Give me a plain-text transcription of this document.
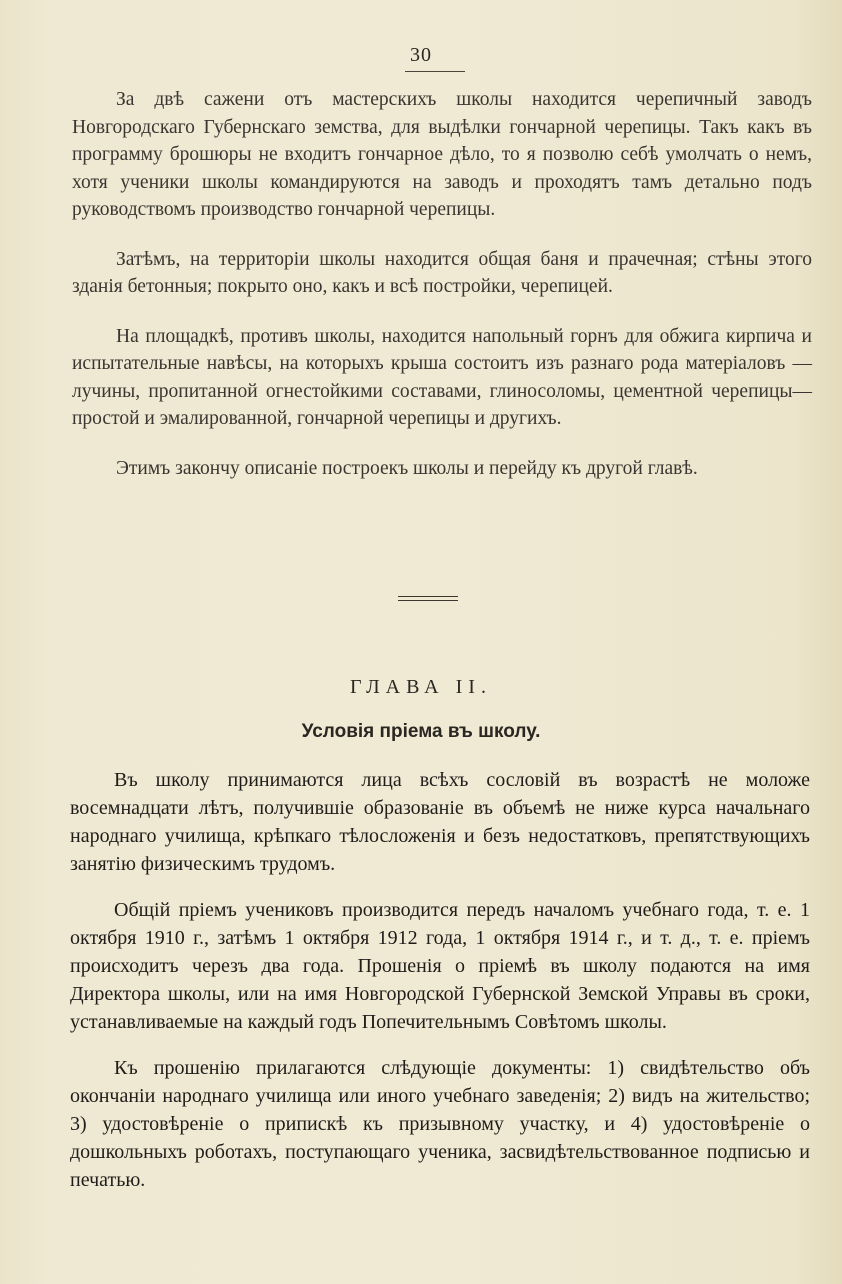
30

За двѣ сажени отъ мастерскихъ школы находится черепичный заводъ Новгородскаго Губернскаго земства, для выдѣлки гончарной черепицы. Такъ какъ въ программу брошюры не входитъ гончарное дѣло, то я позволю себѣ умолчать о немъ, хотя ученики школы командируются на заводъ и проходятъ тамъ детально подъ руководствомъ производство гончарной черепицы.

Затѣмъ, на территоріи школы находится общая баня и прачечная; стѣны этого зданія бетонныя; покрыто оно, какъ и всѣ постройки, черепицей.

На площадкѣ, противъ школы, находится напольный горнъ для обжига кирпича и испытательные навѣсы, на которыхъ крыша состоитъ изъ разнаго рода матеріаловъ — лучины, пропитанной огнестойкими составами, глиносоломы, цементной черепицы—простой и эмалированной, гончарной черепицы и другихъ.

Этимъ закончу описаніе построекъ школы и перейду къ другой главѣ.

ГЛАВА II.
Условія пріема въ школу.

Въ школу принимаются лица всѣхъ сословій въ возрастѣ не моложе восемнадцати лѣтъ, получившіе образованіе въ объемѣ не ниже курса начальнаго народнаго училища, крѣпкаго тѣлосложенія и безъ недостатковъ, препятствующихъ занятію физическимъ трудомъ.

Общій пріемъ учениковъ производится передъ началомъ учебнаго года, т. е. 1 октября 1910 г., затѣмъ 1 октября 1912 года, 1 октября 1914 г., и т. д., т. е. пріемъ происходитъ черезъ два года. Прошенія о пріемѣ въ школу подаются на имя Директора школы, или на имя Новгородской Губернской Земской Управы въ сроки, устанавливаемые на каждый годъ Попечительнымъ Совѣтомъ школы.

Къ прошенію прилагаются слѣдующіе документы: 1) свидѣтельство объ окончаніи народнаго училища или иного учебнаго заведенія; 2) видъ на жительство; 3) удостовѣреніе о припискѣ къ призывному участку, и 4) удостовѣреніе о дошкольныхъ роботахъ, поступающаго ученика, засвидѣтельствованное подписью и печатью.
